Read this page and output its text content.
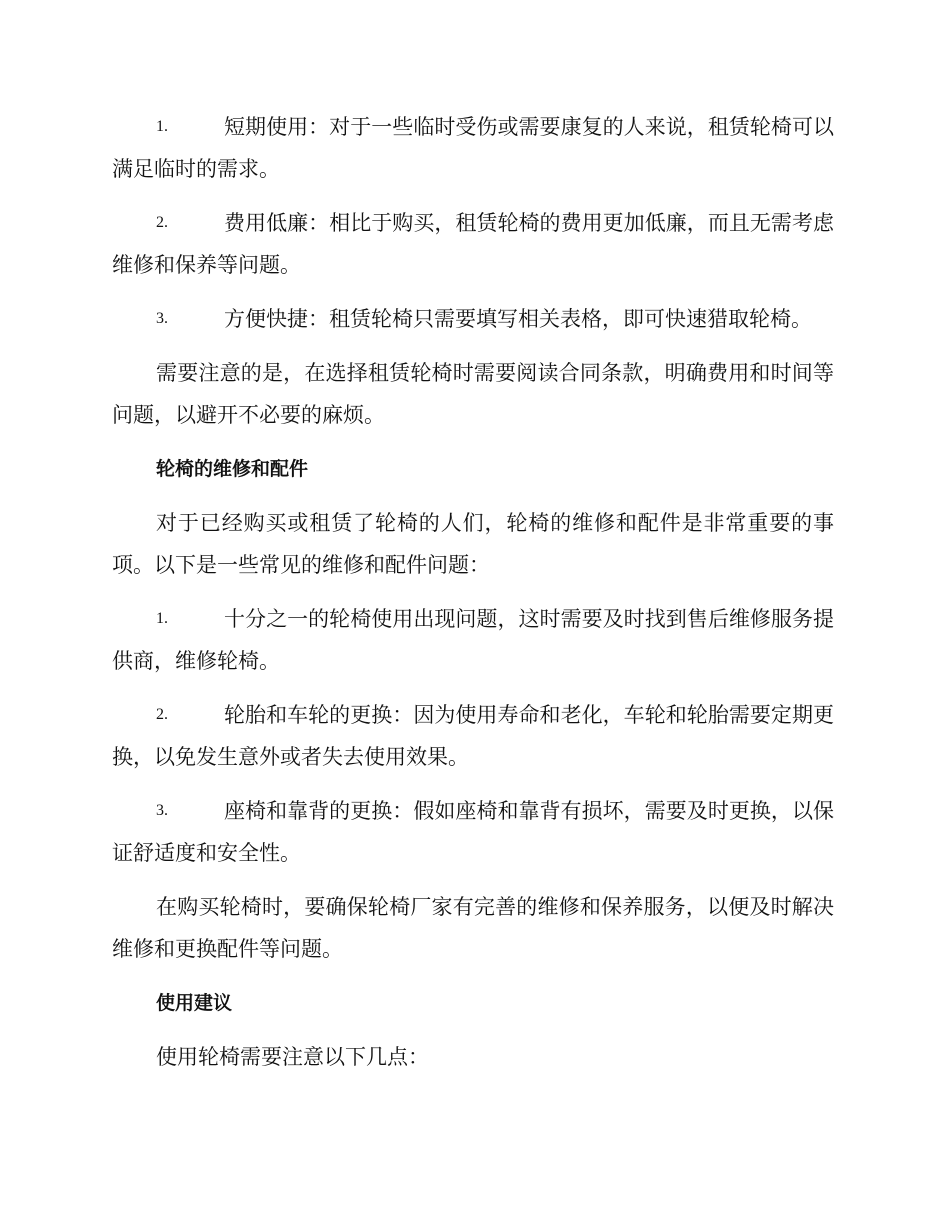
1.	短期使用：对于一些临时受伤或需要康复的人来说，租赁轮椅可以满足临时的需求。

2.	费用低廉：相比于购买，租赁轮椅的费用更加低廉，而且无需考虑维修和保养等问题。

3.	方便快捷：租赁轮椅只需要填写相关表格，即可快速猎取轮椅。

需要注意的是，在选择租赁轮椅时需要阅读合同条款，明确费用和时间等问题，以避开不必要的麻烦。

轮椅的维修和配件

对于已经购买或租赁了轮椅的人们，轮椅的维修和配件是非常重要的事项。以下是一些常见的维修和配件问题：

1.	十分之一的轮椅使用出现问题，这时需要及时找到售后维修服务提供商，维修轮椅。

2.	轮胎和车轮的更换：因为使用寿命和老化，车轮和轮胎需要定期更换，以免发生意外或者失去使用效果。

3.	座椅和靠背的更换：假如座椅和靠背有损坏，需要及时更换，以保证舒适度和安全性。

在购买轮椅时，要确保轮椅厂家有完善的维修和保养服务，以便及时解决维修和更换配件等问题。

使用建议

使用轮椅需要注意以下几点：
